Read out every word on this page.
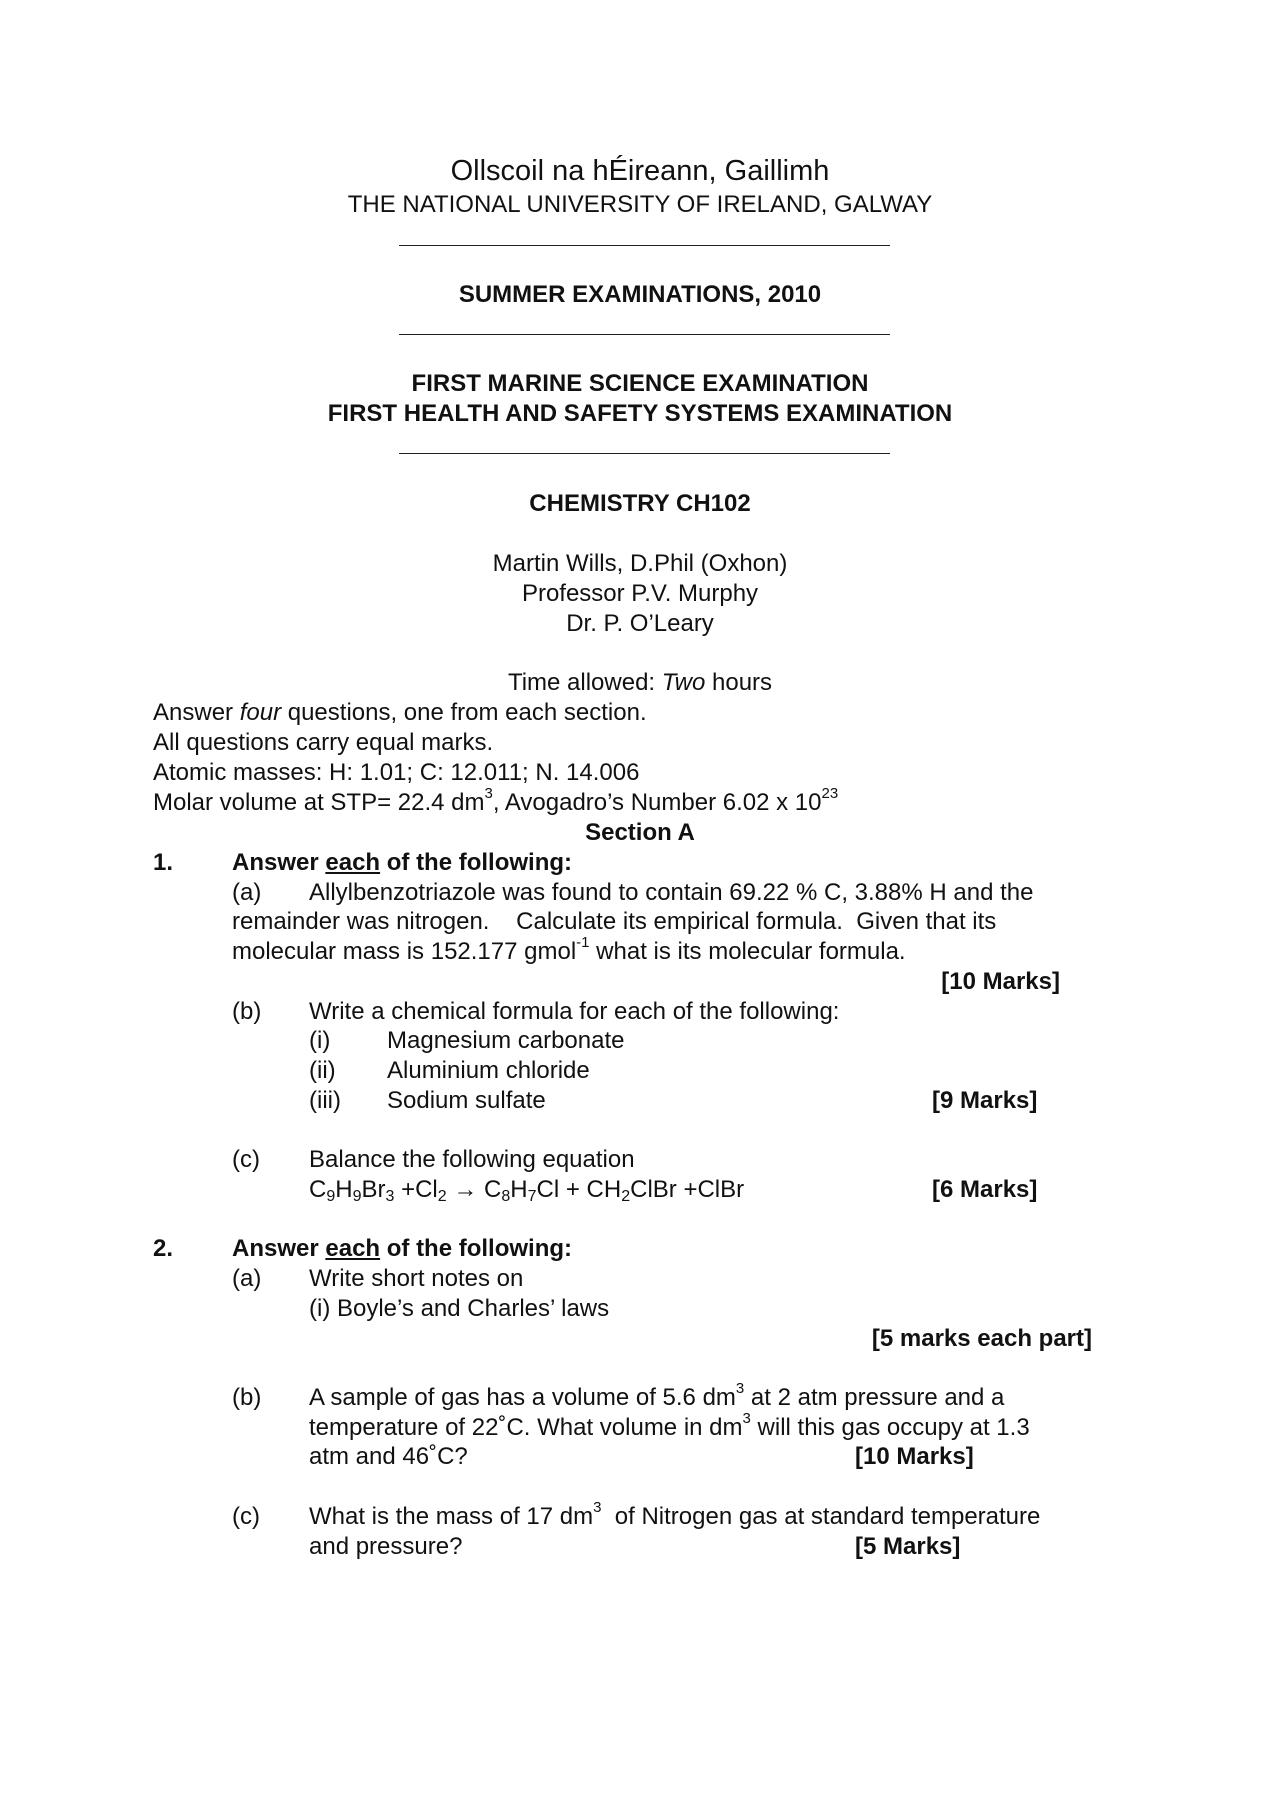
Ollscoil na hÉireann, Gaillimh
THE NATIONAL UNIVERSITY OF IRELAND, GALWAY
SUMMER EXAMINATIONS, 2010
FIRST MARINE SCIENCE EXAMINATION
FIRST HEALTH AND SAFETY SYSTEMS EXAMINATION
CHEMISTRY CH102
Martin Wills, D.Phil (Oxhon)
Professor P.V. Murphy
Dr. P. O’Leary
Time allowed: Two hours
Answer four questions, one from each section.
All questions carry equal marks.
Atomic masses: H: 1.01; C: 12.011; N. 14.006
Molar volume at STP= 22.4 $dm^3$, Avogadro’s Number 6.02 x $10^{23}$
Section A
1. Answer each of the following:
(a) Allylbenzotriazole was found to contain 69.22 % C, 3.88% H and the
remainder was nitrogen.    Calculate its empirical formula.  Given that its
molecular mass is 152.177 gmol$^{-1}$ what is its molecular formula.
[10 Marks]
(b) Write a chemical formula for each of the following:
(i) Magnesium carbonate
(ii) Aluminium chloride
(iii) Sodium sulfate	[9 Marks]
(c) Balance the following equation
$C_9H_9Br_3 +Cl_2 \to C_8H_7Cl$ + $CH_2ClBr$ +ClBr	[6 Marks]
2. Answer each of the following:
(a) Write short notes on
(i) Boyle’s and Charles’ laws
[5 marks each part]
(b) A sample of gas has a volume of 5.6 $dm^3$ at 2 atm pressure and a
temperature of 22˚C. What volume in $dm^3$ will this gas occupy at 1.3
atm and 46˚C?	[10 Marks]
(c) What is the mass of 17 $dm^3$  of Nitrogen gas at standard temperature
and pressure?	[5 Marks]
